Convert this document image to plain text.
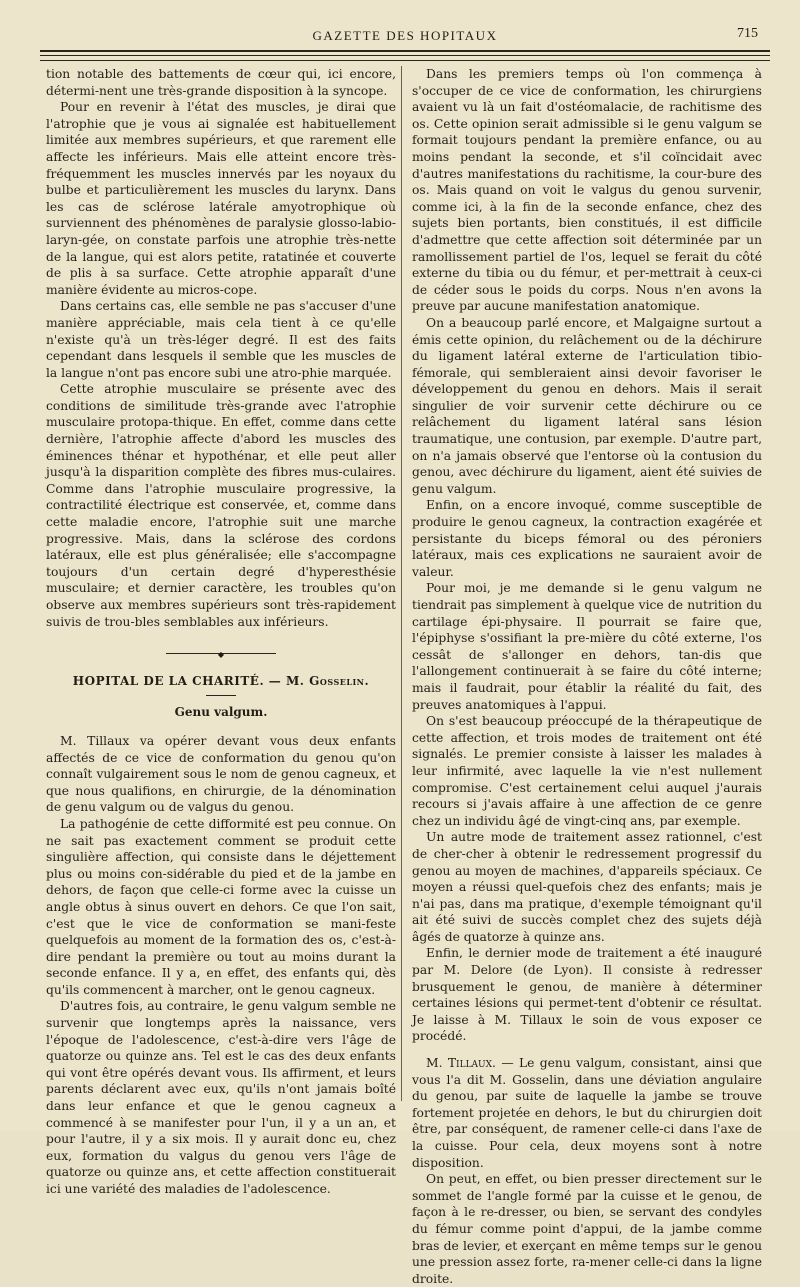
GAZETTE DES HOPITAUX	715

tion notable des battements de cœur qui, ici encore, détermi-nent une très-grande disposition à la syncope.

Pour en revenir à l'état des muscles, je dirai que l'atrophie que je vous ai signalée est habituellement limitée aux membres supérieurs, et que rarement elle affecte les inférieurs. Mais elle atteint encore très-fréquemment les muscles innervés par les noyaux du bulbe et particulièrement les muscles du larynx. Dans les cas de sclérose latérale amyotrophique où surviennent des phénomènes de paralysie glosso-labio-laryn-gée, on constate parfois une atrophie très-nette de la langue, qui est alors petite, ratatinée et couverte de plis à sa surface. Cette atrophie apparaît d'une manière évidente au micros-cope.

Dans certains cas, elle semble ne pas s'accuser d'une manière appréciable, mais cela tient à ce qu'elle n'existe qu'à un très-léger degré. Il est des faits cependant dans lesquels il semble que les muscles de la langue n'ont pas encore subi une atro-phie marquée.

Cette atrophie musculaire se présente avec des conditions de similitude très-grande avec l'atrophie musculaire protopa-thique. En effet, comme dans cette dernière, l'atrophie affecte d'abord les muscles des éminences thénar et hypothénar, et elle peut aller jusqu'à la disparition complète des fibres mus-culaires. Comme dans l'atrophie musculaire progressive, la contractilité électrique est conservée, et, comme dans cette maladie encore, l'atrophie suit une marche progressive. Mais, dans la sclérose des cordons latéraux, elle est plus généralisée; elle s'accompagne toujours d'un certain degré d'hyperesthésie musculaire; et dernier caractère, les troubles qu'on observe aux membres supérieurs sont très-rapidement suivis de trou-bles semblables aux inférieurs.

◆
HOPITAL DE LA CHARITÉ. — M. Gosselin.
Genu valgum.

M. Tillaux va opérer devant vous deux enfants affectés de ce vice de conformation du genou qu'on connaît vulgairement sous le nom de genou cagneux, et que nous qualifions, en chirurgie, de la dénomination de genu valgum ou de valgus du genou.

La pathogénie de cette difformité est peu connue. On ne sait pas exactement comment se produit cette singulière affection, qui consiste dans le déjettement plus ou moins con-sidérable du pied et de la jambe en dehors, de façon que celle-ci forme avec la cuisse un angle obtus à sinus ouvert en dehors. Ce que l'on sait, c'est que le vice de conformation se mani-feste quelquefois au moment de la formation des os, c'est-à-dire pendant la première ou tout au moins durant la seconde enfance. Il y a, en effet, des enfants qui, dès qu'ils commencent à marcher, ont le genou cagneux.

D'autres fois, au contraire, le genu valgum semble ne survenir que longtemps après la naissance, vers l'époque de l'adolescence, c'est-à-dire vers l'âge de quatorze ou quinze ans. Tel est le cas des deux enfants qui vont être opérés devant vous. Ils affirment, et leurs parents déclarent avec eux, qu'ils n'ont jamais boîté dans leur enfance et que le genou cagneux a commencé à se manifester pour l'un, il y a un an, et pour l'autre, il y a six mois. Il y aurait donc eu, chez eux, formation du valgus du genou vers l'âge de quatorze ou quinze ans, et cette affection constituerait ici une variété des maladies de l'adolescence.

Dans les premiers temps où l'on commença à s'occuper de ce vice de conformation, les chirurgiens avaient vu là un fait d'ostéomalacie, de rachitisme des os. Cette opinion serait admissible si le genu valgum se formait toujours pendant la première enfance, ou au moins pendant la seconde, et s'il coïncidait avec d'autres manifestations du rachitisme, la cour-bure des os. Mais quand on voit le valgus du genou survenir, comme ici, à la fin de la seconde enfance, chez des sujets bien portants, bien constitués, il est difficile d'admettre que cette affection soit déterminée par un ramollissement partiel de l'os, lequel se ferait du côté externe du tibia ou du fémur, et per-mettrait à ceux-ci de céder sous le poids du corps. Nous n'en avons la preuve par aucune manifestation anatomique.

On a beaucoup parlé encore, et Malgaigne surtout a émis cette opinion, du relâchement ou de la déchirure du ligament latéral externe de l'articulation tibio-fémorale, qui sembleraient ainsi devoir favoriser le développement du genou en dehors. Mais il serait singulier de voir survenir cette déchirure ou ce relâchement du ligament latéral sans lésion traumatique, une contusion, par exemple. D'autre part, on n'a jamais observé que l'entorse où la contusion du genou, avec déchirure du ligament, aient été suivies de genu valgum.

Enfin, on a encore invoqué, comme susceptible de produire le genou cagneux, la contraction exagérée et persistante du biceps fémoral ou des péroniers latéraux, mais ces explications ne sauraient avoir de valeur.

Pour moi, je me demande si le genu valgum ne tiendrait pas simplement à quelque vice de nutrition du cartilage épi-physaire. Il pourrait se faire que, l'épiphyse s'ossifiant la pre-mière du côté externe, l'os cessât de s'allonger en dehors, tan-dis que l'allongement continuerait à se faire du côté interne; mais il faudrait, pour établir la réalité du fait, des preuves anatomiques à l'appui.

On s'est beaucoup préoccupé de la thérapeutique de cette affection, et trois modes de traitement ont été signalés. Le premier consiste à laisser les malades à leur infirmité, avec laquelle la vie n'est nullement compromise. C'est certainement celui auquel j'aurais recours si j'avais affaire à une affection de ce genre chez un individu âgé de vingt-cinq ans, par exemple.

Un autre mode de traitement assez rationnel, c'est de cher-cher à obtenir le redressement progressif du genou au moyen de machines, d'appareils spéciaux. Ce moyen a réussi quel-quefois chez des enfants; mais je n'ai pas, dans ma pratique, d'exemple témoignant qu'il ait été suivi de succès complet chez des sujets déjà âgés de quatorze à quinze ans.

Enfin, le dernier mode de traitement a été inauguré par M. Delore (de Lyon). Il consiste à redresser brusquement le genou, de manière à déterminer certaines lésions qui permet-tent d'obtenir ce résultat. Je laisse à M. Tillaux le soin de vous exposer ce procédé.

M. Tillaux. — Le genu valgum, consistant, ainsi que vous l'a dit M. Gosselin, dans une déviation angulaire du genou, par suite de laquelle la jambe se trouve fortement projetée en dehors, le but du chirurgien doit être, par conséquent, de ramener celle-ci dans l'axe de la cuisse. Pour cela, deux moyens sont à notre disposition.

On peut, en effet, ou bien presser directement sur le sommet de l'angle formé par la cuisse et le genou, de façon à le re-dresser, ou bien, se servant des condyles du fémur comme point d'appui, de la jambe comme bras de levier, et exerçant en même temps sur le genou une pression assez forte, ra-mener celle-ci dans la ligne droite.
